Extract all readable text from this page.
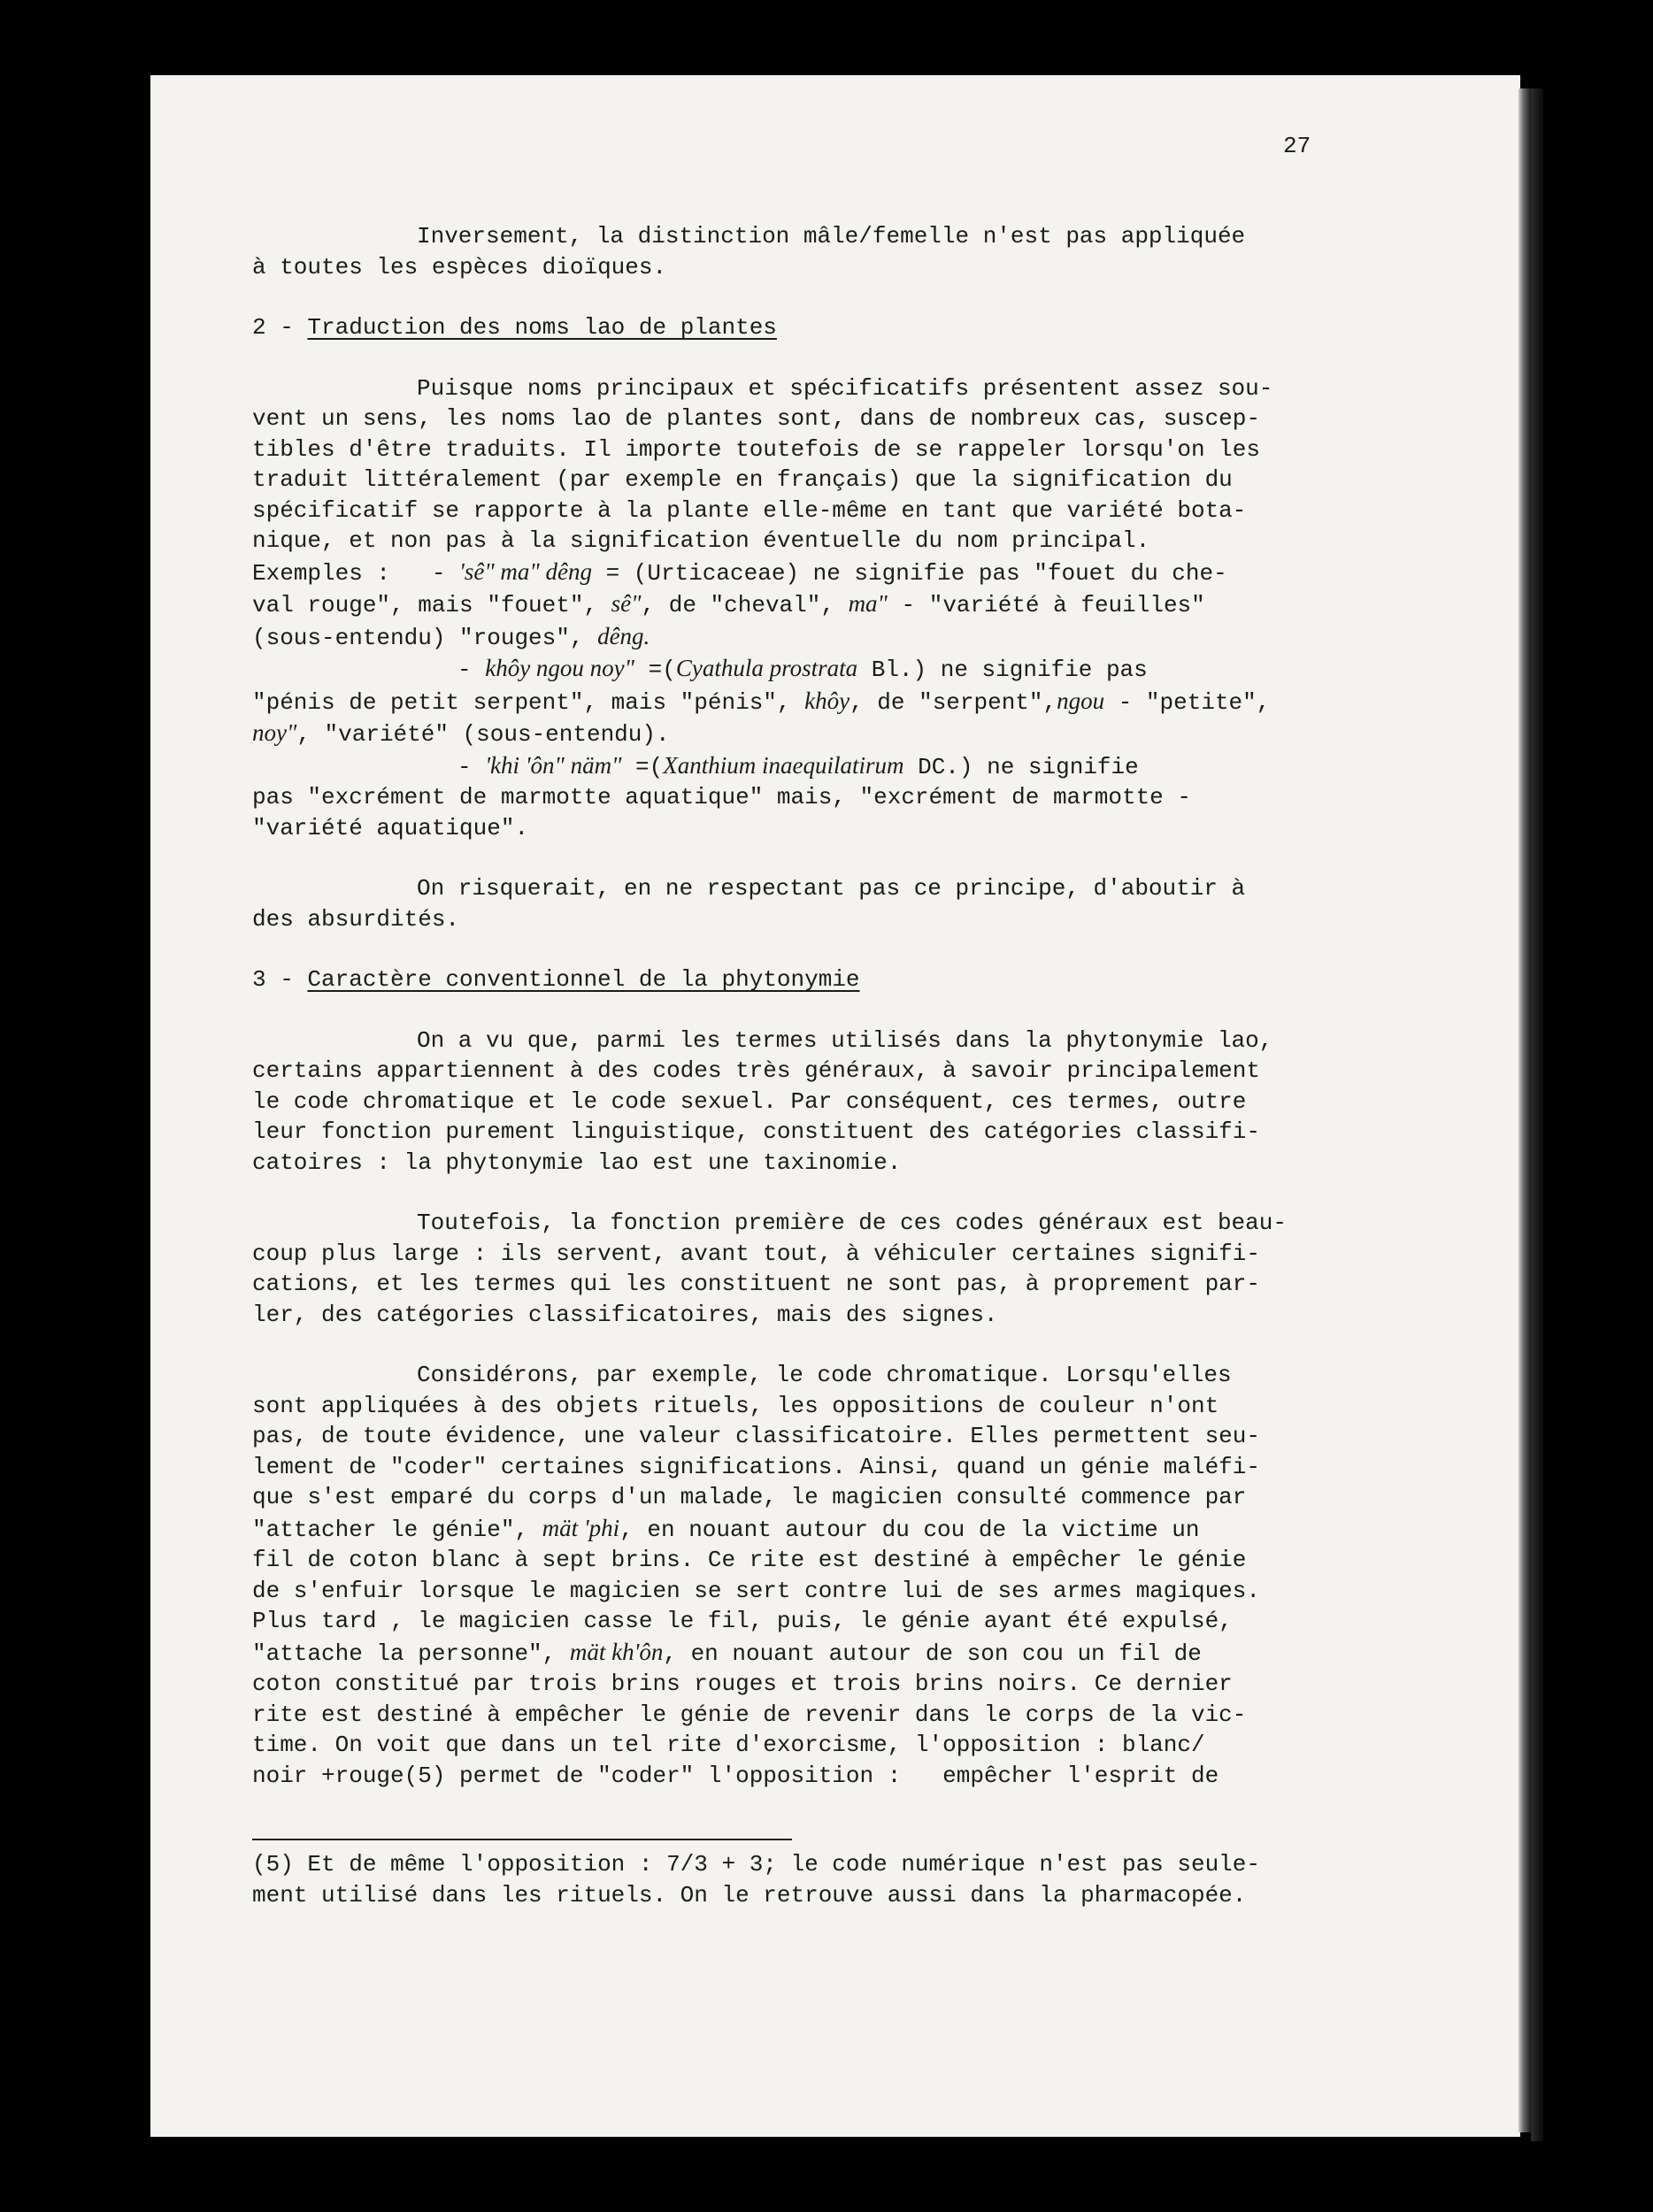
27

Inversement, la distinction mâle/femelle n'est pas appliquée

à toutes les espèces dioïques.

2 - Traduction des noms lao de plantes

Puisque noms principaux et spécificatifs présentent assez sou-

vent un sens, les noms lao de plantes sont, dans de nombreux cas, suscep-

tibles d'être traduits. Il importe toutefois de se rappeler lorsqu'on les

traduit littéralement (par exemple en français) que la signification du

spécificatif se rapporte à la plante elle-même en tant que variété bota-

nique, et non pas à la signification éventuelle du nom principal.

Exemples :   - 'sê" ma" dêng = (Urticaceae) ne signifie pas "fouet du che-

val rouge", mais "fouet", sê", de "cheval", ma" - "variété à feuilles"

(sous-entendu) "rouges", dêng.

- khôy ngou noy" =(Cyathula prostrata Bl.) ne signifie pas

"pénis de petit serpent", mais "pénis", khôy, de "serpent",ngou - "petite",

noy", "variété" (sous-entendu).

- 'khi 'ôn" näm" =(Xanthium inaequilatirum DC.) ne signifie

pas "excrément de marmotte aquatique" mais, "excrément de marmotte -

"variété aquatique".

On risquerait, en ne respectant pas ce principe, d'aboutir à

des absurdités.

3 - Caractère conventionnel de la phytonymie

On a vu que, parmi les termes utilisés dans la phytonymie lao,

certains appartiennent à des codes très généraux, à savoir principalement

le code chromatique et le code sexuel. Par conséquent, ces termes, outre

leur fonction purement linguistique, constituent des catégories classifi-

catoires : la phytonymie lao est une taxinomie.

Toutefois, la fonction première de ces codes généraux est beau-

coup plus large : ils servent, avant tout, à véhiculer certaines signifi-

cations, et les termes qui les constituent ne sont pas, à proprement par-

ler, des catégories classificatoires, mais des signes.

Considérons, par exemple, le code chromatique. Lorsqu'elles

sont appliquées à des objets rituels, les oppositions de couleur n'ont

pas, de toute évidence, une valeur classificatoire. Elles permettent seu-

lement de "coder" certaines significations. Ainsi, quand un génie maléfi-

que s'est emparé du corps d'un malade, le magicien consulté commence par

"attacher le génie", mät 'phi, en nouant autour du cou de la victime un

fil de coton blanc à sept brins. Ce rite est destiné à empêcher le génie

de s'enfuir lorsque le magicien se sert contre lui de ses armes magiques.

Plus tard , le magicien casse le fil, puis, le génie ayant été expulsé,

"attache la personne", mät kh'ôn, en nouant autour de son cou un fil de

coton constitué par trois brins rouges et trois brins noirs. Ce dernier

rite est destiné à empêcher le génie de revenir dans le corps de la vic-

time. On voit que dans un tel rite d'exorcisme, l'opposition : blanc/

noir +rouge(5) permet de "coder" l'opposition :   empêcher l'esprit de

(5) Et de même l'opposition : 7/3 + 3; le code numérique n'est pas seule-

ment utilisé dans les rituels. On le retrouve aussi dans la pharmacopée.
